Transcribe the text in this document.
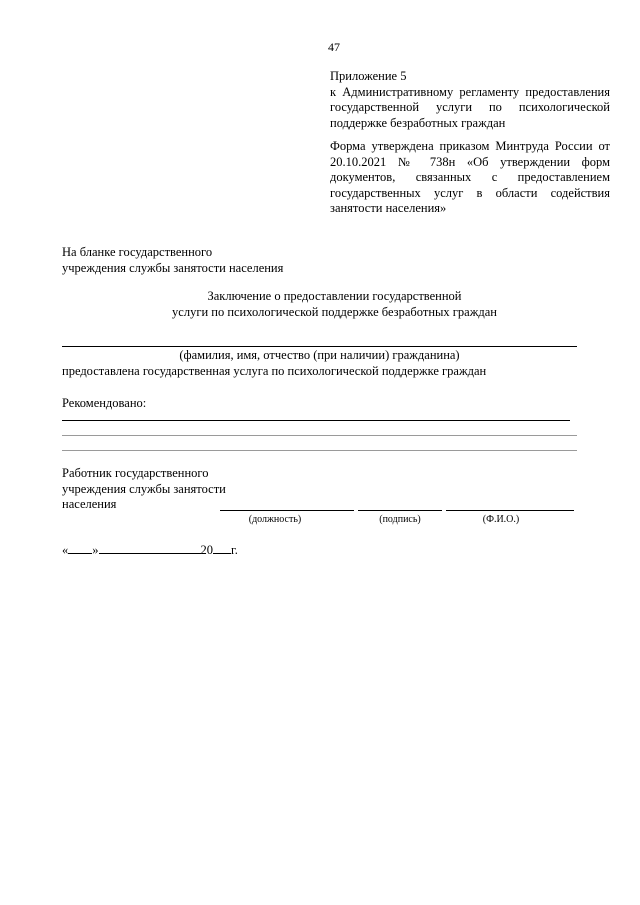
47
Приложение 5
к Административному регламенту предоставления государственной услуги по психологической поддержке безработных граждан
Форма утверждена приказом Минтруда России от 20.10.2021 № 738н «Об утверждении форм документов, связанных с предоставлением государственных услуг в области содействия занятости населения»
На бланке государственного
учреждения службы занятости населения
Заключение о предоставлении государственной
услуги по психологической поддержке безработных граждан
(фамилия, имя, отчество (при наличии) гражданина)
предоставлена государственная услуга по психологической поддержке граждан
Рекомендовано:
Работник государственного
учреждения службы занятости
населения
(должность)	(подпись)	(Ф.И.О.)
« »	20 г.
